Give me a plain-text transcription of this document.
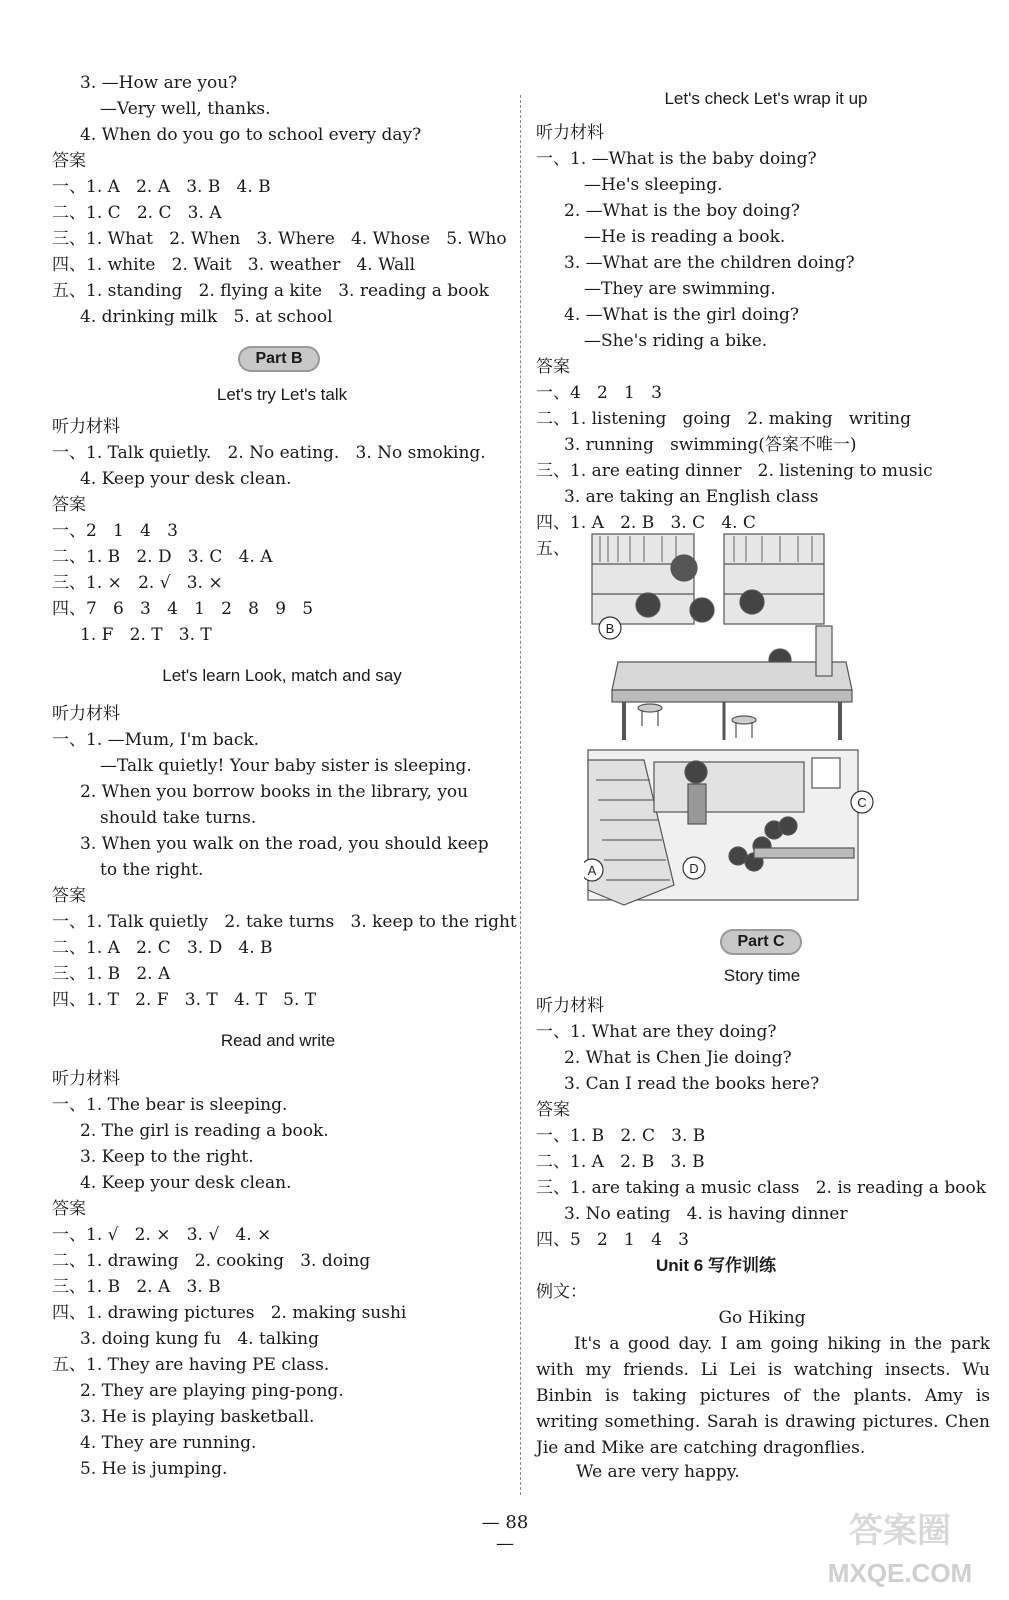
3. —How are you?
—Very well, thanks.
4. When do you go to school every day?
答案
一、1. A   2. A   3. B   4. B
二、1. C   2. C   3. A
三、1. What   2. When   3. Where   4. Whose   5. Who
四、1. white   2. Wait   3. weather   4. Wall
五、1. standing   2. flying a kite   3. reading a book
4. drinking milk   5. at school
Part B
Let's try Let's talk
听力材料
一、1. Talk quietly.   2. No eating.   3. No smoking.
4. Keep your desk clean.
答案
一、2   1   4   3
二、1. B   2. D   3. C   4. A
三、1. ×   2. √   3. ×
四、7   6   3   4   1   2   8   9   5
1. F   2. T   3. T
Let's learn Look, match and say
听力材料
一、1. —Mum, I'm back.
—Talk quietly! Your baby sister is sleeping.
2. When you borrow books in the library, you
should take turns.
3. When you walk on the road, you should keep
to the right.
答案
一、1. Talk quietly   2. take turns   3. keep to the right
二、1. A   2. C   3. D   4. B
三、1. B   2. A
四、1. T   2. F   3. T   4. T   5. T
Read and write
听力材料
一、1. The bear is sleeping.
2. The girl is reading a book.
3. Keep to the right.
4. Keep your desk clean.
答案
一、1. √   2. ×   3. √   4. ×
二、1. drawing   2. cooking   3. doing
三、1. B   2. A   3. B
四、1. drawing pictures   2. making sushi
3. doing kung fu   4. talking
五、1. They are having PE class.
2. They are playing ping-pong.
3. He is playing basketball.
4. They are running.
5. He is jumping.
Let's check Let's wrap it up
听力材料
一、1. —What is the baby doing?
—He's sleeping.
2. —What is the boy doing?
—He is reading a book.
3. —What are the children doing?
—They are swimming.
4. —What is the girl doing?
—She's riding a bike.
答案
一、4   2   1   3
二、1. listening   going   2. making   writing
3. running   swimming(答案不唯一)
三、1. are eating dinner   2. listening to music
3. are taking an English class
四、1. A   2. B   3. C   4. C
五、
B
C
A	D
Part C
Story time
听力材料
一、1. What are they doing?
2. What is Chen Jie doing?
3. Can I read the books here?
答案
一、1. B   2. C   3. B
二、1. A   2. B   3. B
三、1. are taking a music class   2. is reading a book
3. No eating   4. is having dinner
四、5   2   1   4   3
Unit 6 写作训练
例文：
Go Hiking
It's a good day. I am going hiking in the park with my friends. Li Lei is watching insects. Wu Binbin is taking pictures of the plants. Amy is writing something. Sarah is drawing pictures. Chen Jie and Mike are catching dragonflies.
We are very happy.
— 88 —	答案圈
MXQE.COM
